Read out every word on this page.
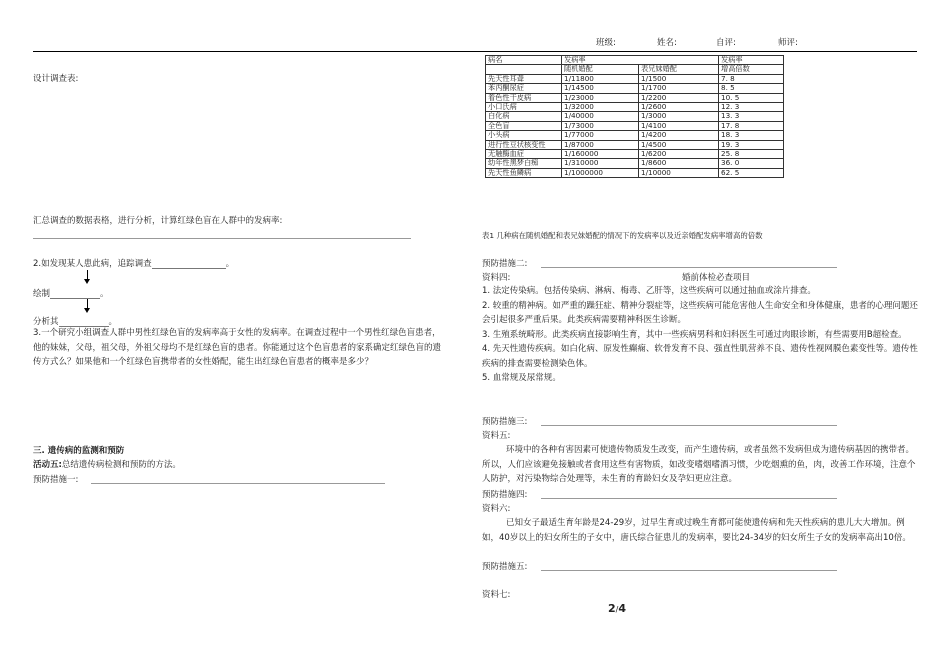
班级:	姓名:	自评:	师评:
设计调查表:
汇总调查的数据表格，进行分析，计算红绿色盲在人群中的发病率:
2.如发现某人患此病，追踪调查	。
绘制	。
分析其	。
3.一个研究小组调查人群中男性红绿色盲的发病率高于女性的发病率。在调查过程中一个男性红绿色盲患者，他的妹妹，父母，祖父母，外祖父母均不是红绿色盲的患者。你能通过这个色盲患者的家系确定红绿色盲的遗传方式么？如果他和一个红绿色盲携带者的女性婚配，能生出红绿色盲患者的概率是多少？
三. 遗传病的监测和预防
活动五:总结遗传病检测和预防的方法。
预防措施一:
病名	发病率		发病率
	随机婚配	表兄妹婚配	增高倍数
先天性耳聋	1/11800	1/1500	7. 8
苯丙酮尿症	1/14500	1/1700	8. 5
着色性干皮病	1/23000	1/2200	10. 5
小口氏病	1/32000	1/2600	12. 3
白化病	1/40000	1/3000	13. 3
全色盲	1/73000	1/4100	17. 8
小头病	1/77000	1/4200	18. 3
进行性豆状核变性	1/87000	1/4500	19. 3
无触酶血症	1/160000	1/6200	25. 8
幼年性黑梦白痴	1/310000	1/8600	36. 0
先天性鱼鳞病	1/1000000	1/10000	62. 5
表1 几种病在随机婚配和表兄妹婚配的情况下的发病率以及近亲婚配发病率增高的倍数
预防措施二:
资料四:	婚前体检必查项目
1. 法定传染病。包括传染病、淋病、梅毒、乙肝等，这些疾病可以通过抽血或涂片排查。
2. 较重的精神病。如严重的躁狂症、精神分裂症等，这些疾病可能危害他人生命安全和身体健康，患者的心理问题还会引起很多严重后果。此类疾病需要精神科医生诊断。
3. 生殖系统畸形。此类疾病直接影响生育，其中一些疾病男科和妇科医生可通过肉眼诊断，有些需要用B超检查。
4. 先天性遗传疾病。如白化病、原发性癫痫、软骨发育不良、强直性肌营养不良、遗传性视网膜色素变性等。遗传性疾病的排查需要检测染色体。
5. 血常规及尿常规。
预防措施三:
资料五:
环境中的各种有害因素可使遗传物质发生改变，而产生遗传病，或者虽然不发病但成为遗传病基因的携带者。所以，人们应该避免接触或者食用这些有害物质，如改变嗜烟嗜酒习惯，少吃烟熏的鱼，肉，改善工作环境，注意个人防护，对污染物综合处理等，未生育的育龄妇女及孕妇更应注意。
预防措施四:
资料六:
已知女子最适生育年龄是24-29岁，过早生育或过晚生育都可能使遗传病和先天性疾病的患儿大大增加。例如，40岁以上的妇女所生的子女中，唐氏综合征患儿的发病率，要比24-34岁的妇女所生子女的发病率高出10倍。
预防措施五:
资料七:
2/4
